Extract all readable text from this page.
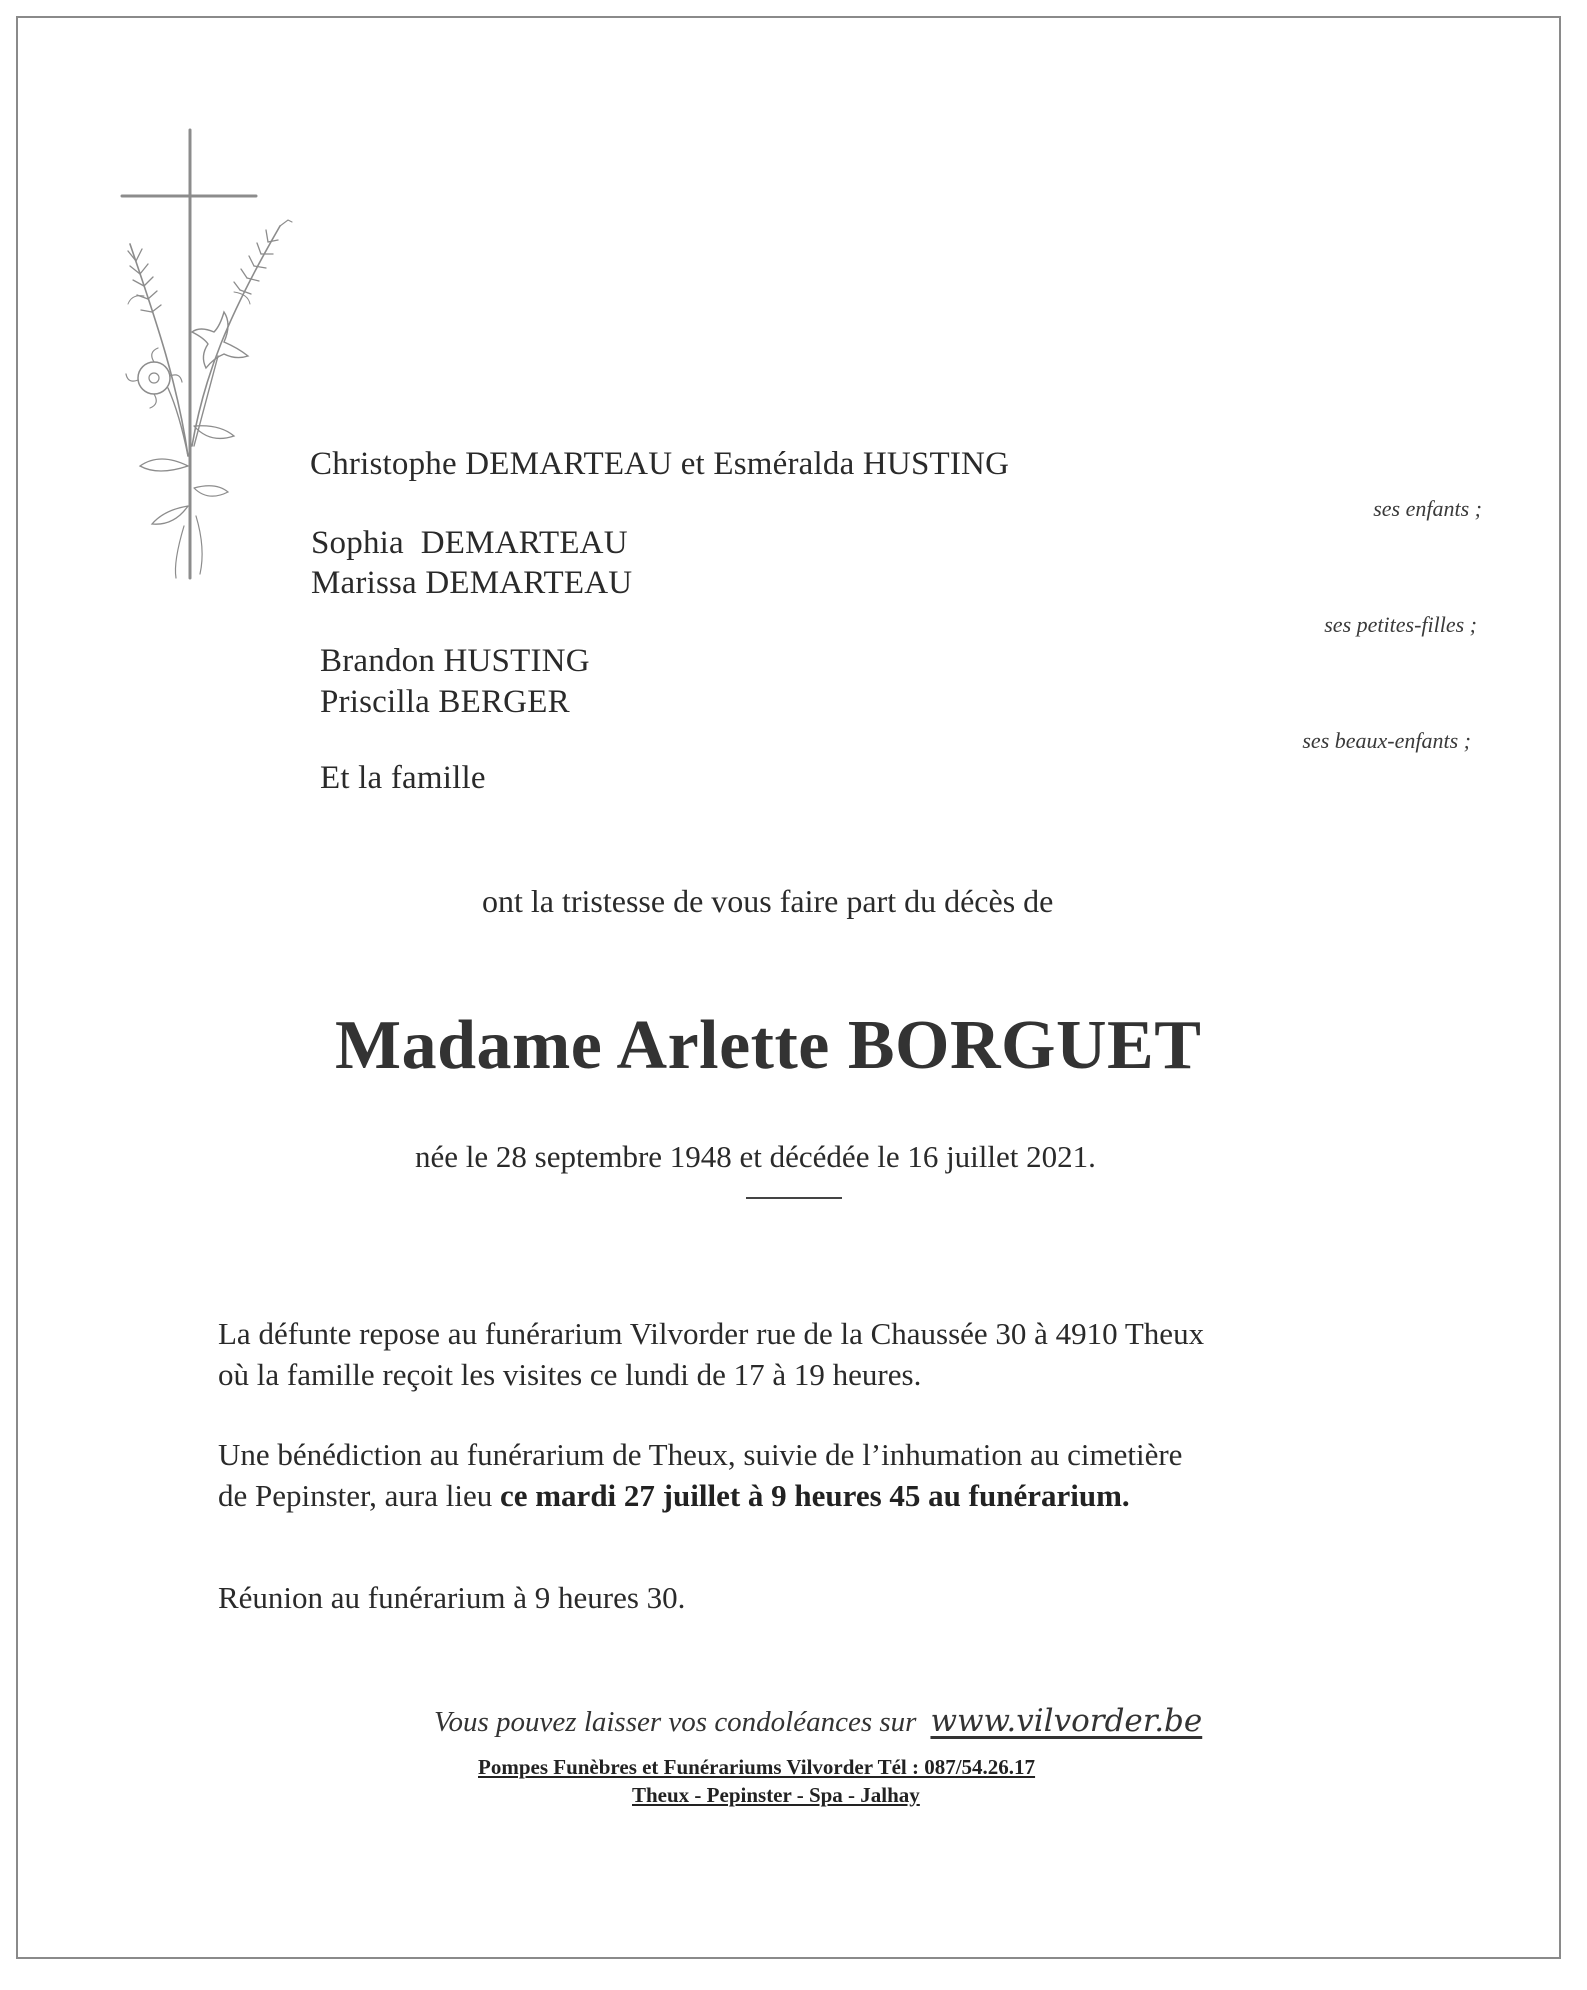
Christophe DEMARTEAU et Esméralda HUSTING
ses enfants ;
Sophia  DEMARTEAU
Marissa DEMARTEAU
ses petites-filles ;
Brandon HUSTING
Priscilla BERGER
ses beaux-enfants ;
Et la famille
ont la tristesse de vous faire part du décès de
Madame Arlette BORGUET
née le 28 septembre 1948 et décédée le 16 juillet 2021.
La défunte repose au funérarium Vilvorder rue de la Chaussée 30 à 4910 Theux
où la famille reçoit les visites ce lundi de 17 à 19 heures.
Une bénédiction au funérarium de Theux, suivie de l’inhumation au cimetière
de Pepinster, aura lieu ce mardi 27 juillet à 9 heures 45 au funérarium.
Réunion au funérarium à 9 heures 30.
Vous pouvez laisser vos condoléances sur www.vilvorder.be
Pompes Funèbres et Funérariums Vilvorder Tél : 087/54.26.17
Theux - Pepinster - Spa - Jalhay
